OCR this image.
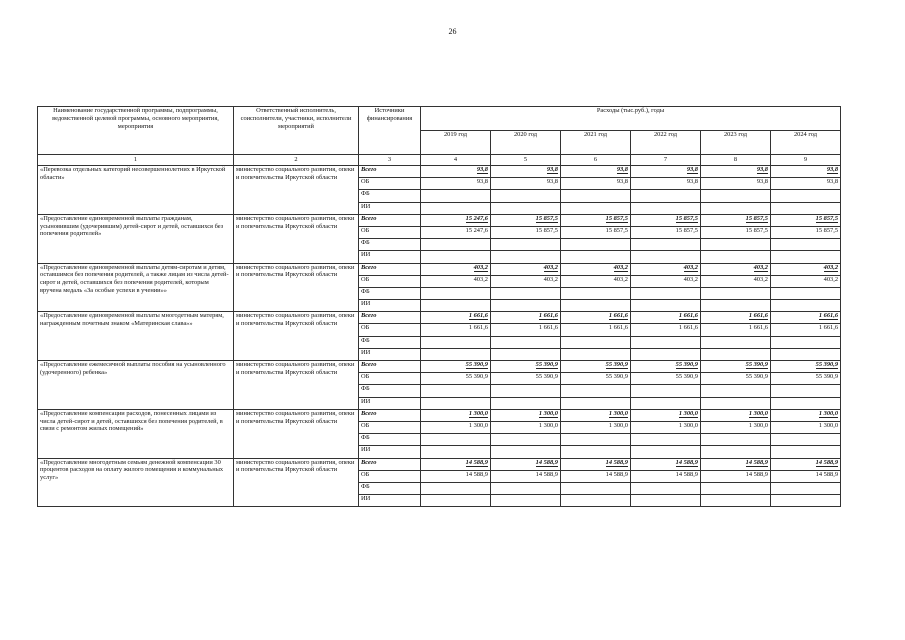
26
Наименование государственной программы, подпрограммы, ведомственной целевой программы, основного мероприятия, мероприятия	Ответственный исполнитель, соисполнители, участники, исполнители мероприятий	Источники финансирования	Расходы (тыс.руб.), годы					
			2019 год	2020 год	2021 год	2022 год	2023 год	2024 год
1	2	3	4	5	6	7	8	9
«Перевозка отдельных категорий несовершеннолетних в Иркутской области»	министерство социального развития, опеки и попечительства Иркутской области	Всего	93,8	93,8	93,8	93,8	93,8	93,8
		ОБ	93,8	93,8	93,8	93,8	93,8	93,8
		ФБ						
		ИИ						
«Предоставление единовременной выплаты гражданам, усыновившим (удочерившим) детей-сирот и детей, оставшихся без попечения родителей»	министерство социального развития, опеки и попечительства Иркутской области	Всего	15 247,6	15 857,5	15 857,5	15 857,5	15 857,5	15 857,5
		ОБ	15 247,6	15 857,5	15 857,5	15 857,5	15 857,5	15 857,5
		ФБ						
		ИИ						
«Предоставление единовременной выплаты детям-сиротам и детям, оставшимся без попечения родителей, а также лицам из числа детей-сирот и детей, оставшихся без попечения родителей, которым вручена медаль «За особые успехи в учении»»	министерство социального развития, опеки и попечительства Иркутской области	Всего	403,2	403,2	403,2	403,2	403,2	403,2
		ОБ	403,2	403,2	403,2	403,2	403,2	403,2
		ФБ						
		ИИ						
«Предоставление единовременной выплаты многодетным матерям, награжденным почетным знаком «Материнская слава»»	министерство социального развития, опеки и попечительства Иркутской области	Всего	1 661,6	1 661,6	1 661,6	1 661,6	1 661,6	1 661,6
		ОБ	1 661,6	1 661,6	1 661,6	1 661,6	1 661,6	1 661,6
		ФБ						
		ИИ						
«Предоставление ежемесячной выплаты пособия на усыновленного (удочеренного) ребенка»	министерство социального развития, опеки и попечительства Иркутской области	Всего	55 390,9	55 390,9	55 390,9	55 390,9	55 390,9	55 390,9
		ОБ	55 390,9	55 390,9	55 390,9	55 390,9	55 390,9	55 390,9
		ФБ						
		ИИ						
«Предоставление компенсации расходов, понесенных лицами из числа детей-сирот и детей, оставшихся без попечения родителей, в связи с ремонтом жилых помещений»	министерство социального развития, опеки и попечительства Иркутской области	Всего	1 300,0	1 300,0	1 300,0	1 300,0	1 300,0	1 300,0
		ОБ	1 300,0	1 300,0	1 300,0	1 300,0	1 300,0	1 300,0
		ФБ						
		ИИ						
«Предоставление многодетным семьям денежной компенсации 30 процентов расходов на оплату жилого помещения и коммунальных услуг»	министерство социального развития, опеки и попечительства Иркутской области	Всего	14 588,9	14 588,9	14 588,9	14 588,9	14 588,9	14 588,9
		ОБ	14 588,9	14 588,9	14 588,9	14 588,9	14 588,9	14 588,9
		ФБ						
		ИИ						
